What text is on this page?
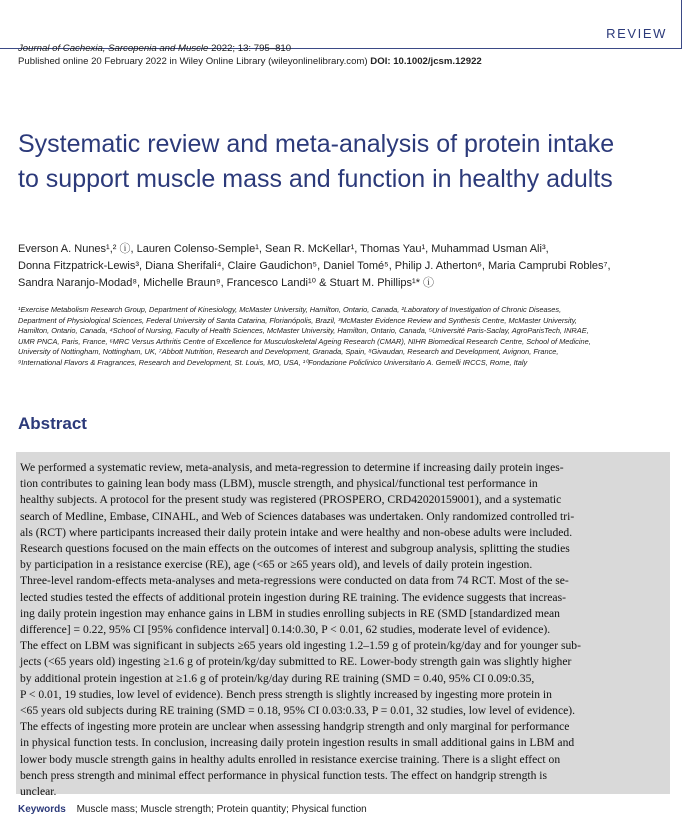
REVIEW
Journal of Cachexia, Sarcopenia and Muscle 2022; 13: 795–810
Published online 20 February 2022 in Wiley Online Library (wileyonlinelibrary.com) DOI: 10.1002/jcsm.12922
Systematic review and meta-analysis of protein intake
to support muscle mass and function in healthy adults
Everson A. Nunes¹,² ⓘ, Lauren Colenso-Semple¹, Sean R. McKellar¹, Thomas Yau¹, Muhammad Usman Ali³,
Donna Fitzpatrick-Lewis³, Diana Sherifali⁴, Claire Gaudichon⁵, Daniel Tomé⁵, Philip J. Atherton⁶, Maria Camprubi Robles⁷,
Sandra Naranjo-Modad⁸, Michelle Braun⁹, Francesco Landi¹⁰ & Stuart M. Phillips¹* ⓘ
¹Exercise Metabolism Research Group, Department of Kinesiology, McMaster University, Hamilton, Ontario, Canada, ²Laboratory of Investigation of Chronic Diseases,
Department of Physiological Sciences, Federal University of Santa Catarina, Florianópolis, Brazil, ³McMaster Evidence Review and Synthesis Centre, McMaster University,
Hamilton, Ontario, Canada, ⁴School of Nursing, Faculty of Health Sciences, McMaster University, Hamilton, Ontario, Canada, ⁵Université Paris-Saclay, AgroParisTech, INRAE,
UMR PNCA, Paris, France, ⁶MRC Versus Arthritis Centre of Excellence for Musculoskeletal Ageing Research (CMAR), NIHR Biomedical Research Centre, School of Medicine,
University of Nottingham, Nottingham, UK, ⁷Abbott Nutrition, Research and Development, Granada, Spain, ⁸Givaudan, Research and Development, Avignon, France,
⁹International Flavors & Fragrances, Research and Development, St. Louis, MO, USA, ¹⁰Fondazione Policlinico Universitario A. Gemelli IRCCS, Rome, Italy
Abstract

We performed a systematic review, meta-analysis, and meta-regression to determine if increasing daily protein inges-
tion contributes to gaining lean body mass (LBM), muscle strength, and physical/functional test performance in
healthy subjects. A protocol for the present study was registered (PROSPERO, CRD42020159001), and a systematic
search of Medline, Embase, CINAHL, and Web of Sciences databases was undertaken. Only randomized controlled tri-
als (RCT) where participants increased their daily protein intake and were healthy and non-obese adults were included.
Research questions focused on the main effects on the outcomes of interest and subgroup analysis, splitting the studies
by participation in a resistance exercise (RE), age (<65 or ≥65 years old), and levels of daily protein ingestion.
Three-level random-effects meta-analyses and meta-regressions were conducted on data from 74 RCT. Most of the se-
lected studies tested the effects of additional protein ingestion during RE training. The evidence suggests that increas-
ing daily protein ingestion may enhance gains in LBM in studies enrolling subjects in RE (SMD [standardized mean
difference] = 0.22, 95% CI [95% confidence interval] 0.14:0.30, P < 0.01, 62 studies, moderate level of evidence).
The effect on LBM was significant in subjects ≥65 years old ingesting 1.2–1.59 g of protein/kg/day and for younger sub-
jects (<65 years old) ingesting ≥1.6 g of protein/kg/day submitted to RE. Lower-body strength gain was slightly higher
by additional protein ingestion at ≥1.6 g of protein/kg/day during RE training (SMD = 0.40, 95% CI 0.09:0.35,
P < 0.01, 19 studies, low level of evidence). Bench press strength is slightly increased by ingesting more protein in
<65 years old subjects during RE training (SMD = 0.18, 95% CI 0.03:0.33, P = 0.01, 32 studies, low level of evidence).
The effects of ingesting more protein are unclear when assessing handgrip strength and only marginal for performance
in physical function tests. In conclusion, increasing daily protein ingestion results in small additional gains in LBM and
lower body muscle strength gains in healthy adults enrolled in resistance exercise training. There is a slight effect on
bench press strength and minimal effect performance in physical function tests. The effect on handgrip strength is
unclear.

Keywords Muscle mass; Muscle strength; Protein quantity; Physical function
